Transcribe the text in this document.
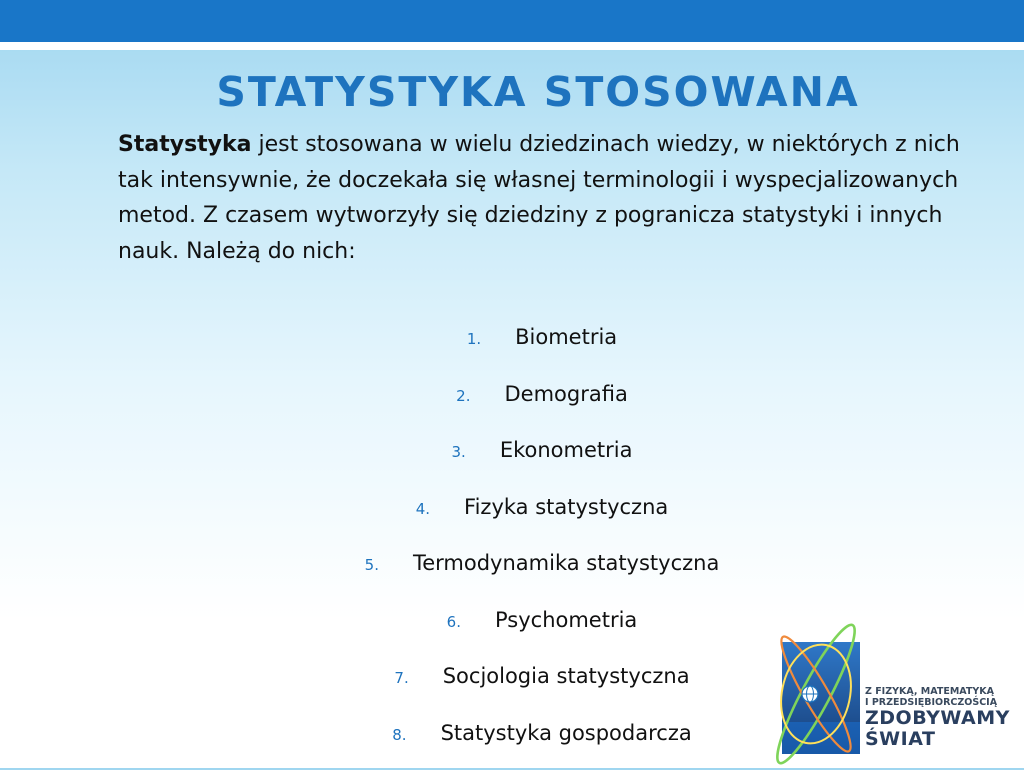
STATYSTYKA STOSOWANA

Statystyka jest stosowana w wielu dziedzinach wiedzy, w niektórych z nich tak intensywnie, że doczekała się własnej terminologii i wyspecjalizowanych metod. Z czasem wytworzyły się dziedziny z pogranicza statystyki i innych nauk. Należą do nich:

1. Biometria
2. Demografia
3. Ekonometria
4. Fizyka statystyczna
5. Termodynamika statystyczna
6. Psychometria
7. Socjologia statystyczna
8. Statystyka gospodarcza
Z FIZYKĄ, MATEMATYKĄ
I PRZEDSIĘBIORCZOŚCIĄ
ZDOBYWAMY
ŚWIAT
